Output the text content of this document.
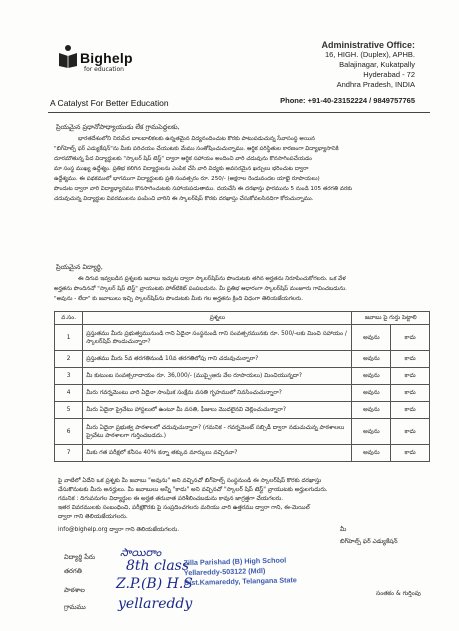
Bighelp
for education
A Catalyst For Better Education
Administrative Office:
16, HIGH. (Duplex), APHB.
Balajinagar, Kukatpally
Hyderabad - 72
Andhra Pradesh, INDIA
Phone: +91-40-23152224 / 9849757765
ప్రియమైన ప్రధానోపాధ్యాయుడు లేక గ్రామపెద్దలకు,
భారతదేశంలోని నిరుపేద బాలబాలికలకు ఉన్నతమైన విద్యనందించుట కొరకు పాటుపడుచున్న సేవాసంస్థ అయిన
"బిగ్‌హెల్ప్ ఫర్ ఎడ్యుకేషన్"ను మీకు పరిచయం చేయుటకు మేము సంతోషించుచున్నాము. ఆర్థిక పరిస్థితుల కారణంగా విద్యాభ్యాసానికి
దూరమౌతున్న పేద విద్యార్థులకు "స్కాలర్ షిప్ టెస్ట్" ద్వారా ఆర్థిక సహాయం అందించి వారి చదువును కొనసాగింపచేయడం
మా సంస్థ ముఖ్య ఉద్దేశ్యం. ప్రతిభ కలిగిన విద్యార్థులను ఎంపిక చేసి వారి విద్యకు అవసరమైన ఖర్చులు భరించుట ద్వారా
ఉద్దేశ్యము. ఈ పథకములో భాగముగా విద్యార్థులకు ప్రతి సంవత్సరం రూ. 250/- (అక్షరాల రెండువందల యాభై రూపాయలు)
పొందుట ద్వారా వారి విద్యాభ్యాసము కొనసాగించుటకు సహాయపడుతాము. దయచేసి ఈ దరఖాస్తు ఫారమును 5 నుండి 105 తరగతి వరకు
చదువుచున్న విద్యార్థుల వివరములను పంపించి వారిని ఈ స్కాలర్‌షిప్ కొరకు దరఖాస్తు చేసుకోవలసినదిగా కోరుచున్నాము.
ప్రియమైన విద్యార్థి,
ఈ దిగువ ఇవ్వబడిన ప్రశ్నలకు జవాబు ఇచ్చుట ద్వారా స్కాలర్‌షిప్‌ను పొందుటకు తగిన అర్హతను నిరూపించుకోగలరు. ఒక వేళ
అర్హతను పొందినచో "స్కాలర్ షిప్ టెస్ట్" వ్రాయుటకు హాల్‌టికెట్ పంపబడును. మీ ప్రతిభ ఆధారంగా స్కాలర్‌షిప్ మంజూరు గావించబడును.
"అవును - లేదా" కు జవాబులు ఇచ్చి స్కాలర్‌షిప్‌ను పొందుటకు మీకు గల అర్హతను క్రింది విధంగా తెలియజేయగలరు.
వ.సం.	ప్రశ్నలు	జవాబు పై గుర్తు పెట్టాలి	
1	ప్రస్తుతము మీరు ప్రభుత్వమునుండి గాని ఏదైనా సంస్థనుండి గాని సంవత్సరమునకు రూ. 500/-లకు మించి సహాయం / స్కాలర్‌షిప్ పొందుచున్నారా?	అవును	కాదు
2	ప్రస్తుతము మీరు 5వ తరగతినుండి 10వ తరగతిలోపు గాని చదువుచున్నారా?	అవును	కాదు
3	మీ కుటుంబ సంవత్సరాదాయం రూ. 36,000/- (ముప్పైఆరు వేల రూపాయలు) మించియున్నదా?	అవును	కాదు
4	మీరు గవర్నమెంటు వారి ఏదైనా సాంఘిక సంక్షేమ వసతి గృహములో నివసించుచున్నారా?	అవును	కాదు
5	మీరు ఏదైనా ప్రైవేటు హాస్టలులో ఉంటూ మీ వసతి, ఫీజులు మొదలైనవి చెల్లించుచున్నారా?	అవును	కాదు
6	మీరు ఏదైనా ప్రభుత్వ పాఠశాలలో చదువుచున్నారా? (గమనిక - గవర్నమెంట్ సబ్సిడీ ద్వారా నడుచుచున్న పాఠశాలలు ప్రైవేటు పాఠశాలగా గుర్తించబడదు.)	అవును	కాదు
7	మీకు గత పరీక్షలో కనీసం 40% కన్నా తక్కువ మార్కులు వచ్చినవా?	అవును	కాదు
పై వాటిలో ఏదేని ఒక ప్రశ్నకు మీ జవాబు "అవును" అని వచ్చినచో బిగ్‌హెల్ప్ సంస్థనుండి ఈ స్కాలర్‌షిప్ కొరకు దరఖాస్తు
చేసుకొనుటకు మీరు అనర్హులు. మీ జవాబులు అన్నీ "కాదు" అని వచ్చినచో "స్కాలర్ షిప్ టెస్ట్" వ్రాయుటకు అర్హులగుదురు.
గమనిక : దిగువనుగల విద్యార్థుల ఈ అర్హత తరువాత పరిశీలించబడును కావున జాగ్రత్తగా చేయగలరు.
ఇతర వివరములకు సంబంధించి, పరీక్షకొరకు పై సంప్రదించగలరు మరియు వారి ఉత్తరము ద్వారా గాని, ఈ-మెయిల్
ద్వారా గాని తెలియజేయగలరు.
info@bighelp.org ద్వారా గాని తెలియజేయగలరు.	మీ
బిగ్‌హెల్ప్ ఫర్ ఎడ్యుకేషన్
విద్యార్థి పేరు సాయిరాం
తరగతి	8th class
పాఠశాల Z.P.(B) H.S
గ్రామము yellareddy
Zilla Parishad (B) High School
Yellareddy-503122 (Mdl)
Dist.Kamareddy, Telangana State
సంతకం & గుర్తింపు
